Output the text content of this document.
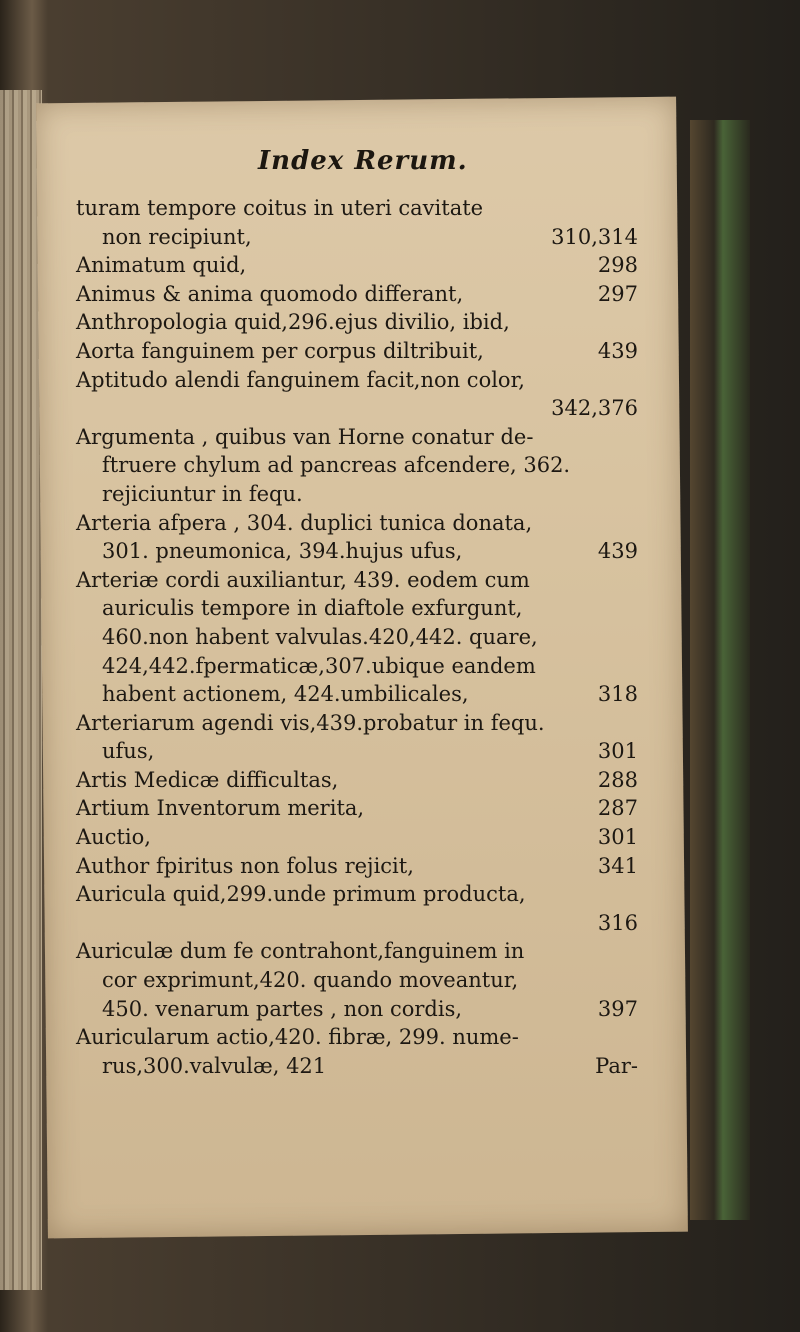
Index Rerum.
turam tempore coitus in uteri cavitate
non recipiunt,	310,314
Animatum quid,	298
Animus & anima quomodo differant,	297
Anthropologia quid,296.ejus divilio, ibid,
Aorta fanguinem per corpus diltribuit,	439
Aptitudo alendi fanguinem facit,non color,
342,376
Argumenta , quibus van Horne conatur de-
ftruere chylum ad pancreas afcendere, 362.
rejiciuntur in fequ.
Arteria afpera , 304. duplici tunica donata,
301. pneumonica, 394.hujus ufus,	439
Arteriæ cordi auxiliantur, 439. eodem cum
auriculis tempore in diaftole exfurgunt,
460.non habent valvulas.420,442. quare,
424,442.fpermaticæ,307.ubique eandem
habent actionem, 424.umbilicales,	318
Arteriarum agendi vis,439.probatur in fequ.
ufus,	301
Artis Medicæ difficultas,	288
Artium Inventorum merita,	287
Auctio,	301
Author fpiritus non folus rejicit,	341
Auricula quid,299.unde primum producta,
316
Auriculæ dum fe contrahont,fanguinem in
cor exprimunt,420. quando moveantur,
450. venarum partes , non cordis,	397
Auricularum actio,420. fibræ, 299. nume-
rus,300.valvulæ, 421	Par-
